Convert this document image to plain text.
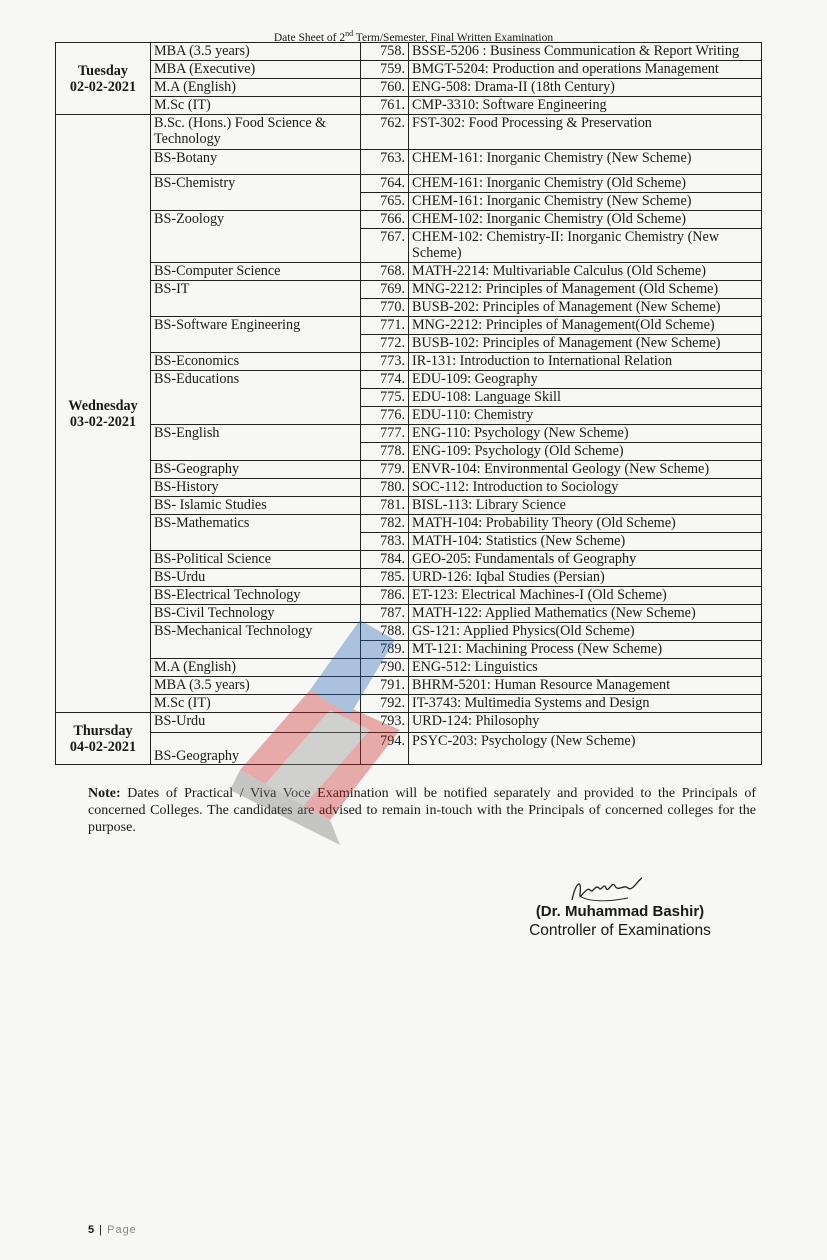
Date Sheet of 2nd Term/Semester, Final Written Examination
Tuesday
02-02-2021	MBA (3.5 years)	758.	BSSE-5206 : Business Communication & Report Writing
	MBA (Executive)	759.	BMGT-5204: Production and operations Management
	M.A (English)	760.	ENG-508: Drama-II (18th Century)
	M.Sc (IT)	761.	CMP-3310: Software Engineering

Wednesday
03-02-2021	B.Sc. (Hons.) Food Science & Technology	762.	FST-302: Food Processing & Preservation
	BS-Botany	763.	CHEM-161: Inorganic Chemistry (New Scheme)
	BS-Chemistry	764.	CHEM-161: Inorganic Chemistry (Old Scheme)
		765.	CHEM-161: Inorganic Chemistry (New Scheme)
	BS-Zoology	766.	CHEM-102: Inorganic Chemistry (Old Scheme)
		767.	CHEM-102: Chemistry-II: Inorganic Chemistry (New Scheme)
	BS-Computer Science	768.	MATH-2214: Multivariable Calculus (Old Scheme)
	BS-IT	769.	MNG-2212: Principles of Management (Old Scheme)
		770.	BUSB-202: Principles of Management (New Scheme)
	BS-Software Engineering	771.	MNG-2212: Principles of Management(Old Scheme)
		772.	BUSB-102: Principles of Management (New Scheme)
	BS-Economics	773.	IR-131: Introduction to International Relation
	BS-Educations	774.	EDU-109: Geography
		775.	EDU-108: Language Skill
		776.	EDU-110: Chemistry
	BS-English	777.	ENG-110: Psychology (New Scheme)
		778.	ENG-109: Psychology (Old Scheme)
	BS-Geography	779.	ENVR-104: Environmental Geology (New Scheme)
	BS-History	780.	SOC-112: Introduction to Sociology
	BS- Islamic Studies	781.	BISL-113: Library Science
	BS-Mathematics	782.	MATH-104: Probability Theory (Old Scheme)
		783.	MATH-104: Statistics (New Scheme)
	BS-Political Science	784.	GEO-205: Fundamentals of Geography
	BS-Urdu	785.	URD-126: Iqbal Studies (Persian)
	BS-Electrical Technology	786.	ET-123: Electrical Machines-I (Old Scheme)
	BS-Civil Technology	787.	MATH-122: Applied Mathematics (New Scheme)
	BS-Mechanical Technology	788.	GS-121: Applied Physics(Old Scheme)
		789.	MT-121: Machining Process (New Scheme)
	M.A (English)	790.	ENG-512: Linguistics
	MBA (3.5 years)	791.	BHRM-5201: Human Resource Management
	M.Sc (IT)	792.	IT-3743: Multimedia Systems and Design

Thursday
04-02-2021	BS-Urdu	793.	URD-124: Philosophy
	BS-Geography	794.	PSYC-203: Psychology (New Scheme)
Note: Dates of Practical / Viva Voce Examination will be notified separately and provided to the Principals of concerned Colleges. The candidates are advised to remain in-touch with the Principals of concerned colleges for the purpose.
(Dr. Muhammad Bashir)
Controller of Examinations
5 | Page
